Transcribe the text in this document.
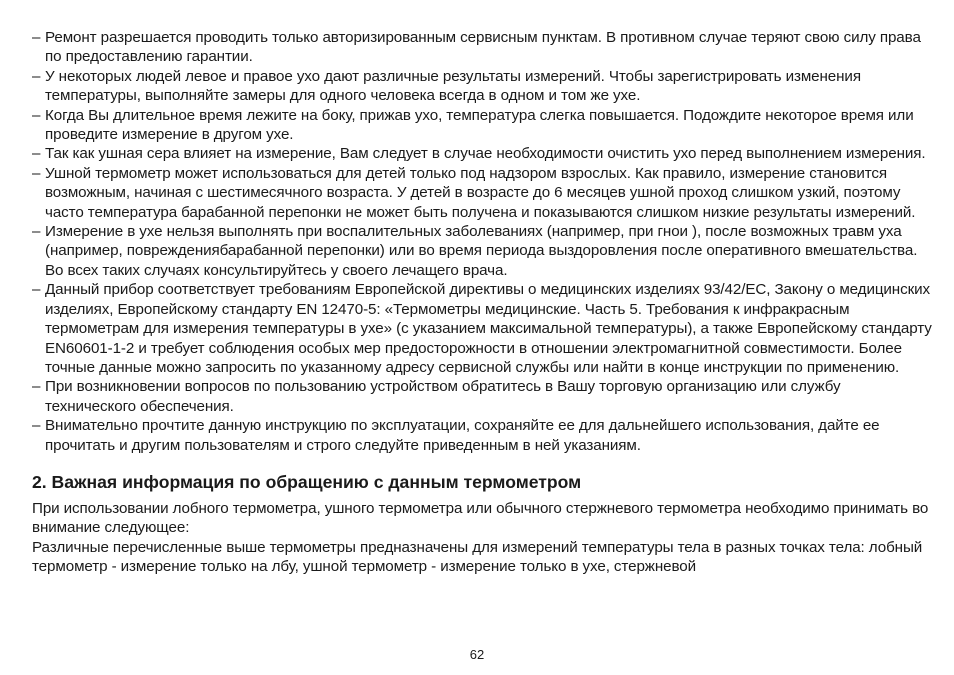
– Ремонт разрешается проводить только авторизированным сервисным пунктам. В противном случае теряют свою силу права по предоставлению гарантии.
– У некоторых людей левое и правое ухо дают различные результаты измерений. Чтобы зарегистрировать изменения температуры, выполняйте замеры для одного человека всегда в одном и том же ухе.
– Когда Вы длительное время лежите на боку, прижав ухо, температура слегка повышается. Подождите некоторое время или проведите измерение в другом ухе.
– Так как ушная сера влияет на измерение, Вам следует в случае необходимости очистить ухо перед выполнением измерения.
– Ушной термометр может использоваться для детей только под надзором взрослых. Как правило, измерение становится возможным, начиная с шестимесячного возраста. У детей в возрасте до 6 месяцев ушной проход слишком узкий, поэтому часто температура барабанной перепонки не может быть получена и показываются слишком низкие результаты измерений.
– Измерение в ухе нельзя выполнять при воспалительных заболеваниях (например, при гнои ), после возможных травм уха (например, повреждениябарабанной перепонки) или во время периода выздоровления после оперативного вмешательства. Во всех таких случаях консультируйтесь у своего лечащего врача.
– Данный прибор соответствует требованиям Европейской директивы о медицинских изделиях 93/42/EC, Закону о медицинских изделиях, Европейскому стандарту EN 12470-5: «Термометры медицинские. Часть 5. Требования к инфракрасным термометрам для измерения температуры в ухе» (с указанием максимальной температуры), а также Европейскому стандарту EN60601-1-2 и требует соблюдения особых мер предосторожности в отношении электромагнитной совместимости. Более точные данные можно запросить по указанному адресу сервисной службы или найти в конце инструкции по применению.
– При возникновении вопросов по пользованию устройством обратитесь в Вашу торговую организацию или службу технического обеспечения.
– Внимательно прочтите данную инструкцию по эксплуатации, сохраняйте ее для дальнейшего использования, дайте ее прочитать и другим пользователям и строго следуйте приведенным в ней указаниям.
2. Важная информация по обращению с данным термометром

При использовании лобного термометра, ушного термометра или обычного стержневого термометра необходимо принимать во внимание следующее:

Различные перечисленные выше термометры предназначены для измерений температуры тела в разных точках тела: лобный термометр - измерение только на лбу, ушной термометр - измерение только в ухе, стержневой

62
